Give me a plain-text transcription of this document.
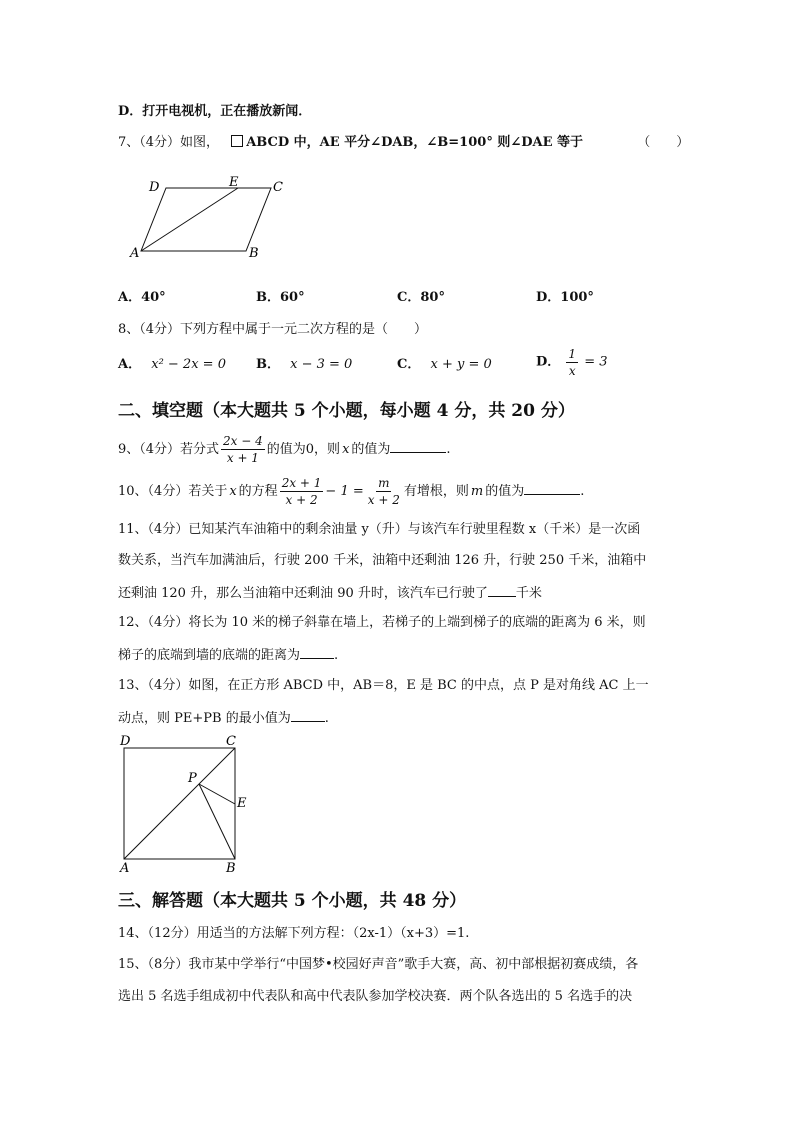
D．打开电视机，正在播放新闻．
7、（4分）如图， ABCD 中，AE 平分∠DAB，∠B=100° 则∠DAE 等于	（　　）
D	E	C
A	B
A．40°	B．60°	C．80°	D．100°
8、（4分）下列方程中属于一元二次方程的是（　　）
A． x² − 2x = 0 B． x − 3 = 0	C． x + y = 0	D． $\frac{1}{x} = 3$
二、填空题（本大题共 5 个小题，每小题 4 分，共 20 分）
9、（4分）若分式 $\frac{2x - 4}{x + 1}$ 的值为0，则 x 的值为	.
10、（4分）若关于 x 的方程 $\frac{2x + 1}{x + 2} - 1 = \frac{m}{x + 2}$ 有增根，则 m 的值为	.
11、（4分）已知某汽车油箱中的剩余油量 y（升）与该汽车行驶里程数 x（千米）是一次函
数关系，当汽车加满油后，行驶 200 千米，油箱中还剩油 126 升，行驶 250 千米，油箱中
还剩油 120 升，那么当油箱中还剩油 90 升时，该汽车已行驶了 千米
12、（4分）将长为 10 米的梯子斜靠在墙上，若梯子的上端到梯子的底端的距离为 6 米，则
梯子的底端到墙的底端的距离为	.
13、（4分）如图，在正方形 ABCD 中，AB＝8，E 是 BC 的中点，点 P 是对角线 AC 上一
动点，则 PE+PB 的最小值为	.
D	C
P
E
A	B
三、解答题（本大题共 5 个小题，共 48 分）
14、（12分）用适当的方法解下列方程：（2x-1）（x+3）=1.
15、（8分）我市某中学举行“中国梦•校园好声音”歌手大赛，高、初中部根据初赛成绩，各
选出 5 名选手组成初中代表队和高中代表队参加学校决赛．两个队各选出的 5 名选手的决
